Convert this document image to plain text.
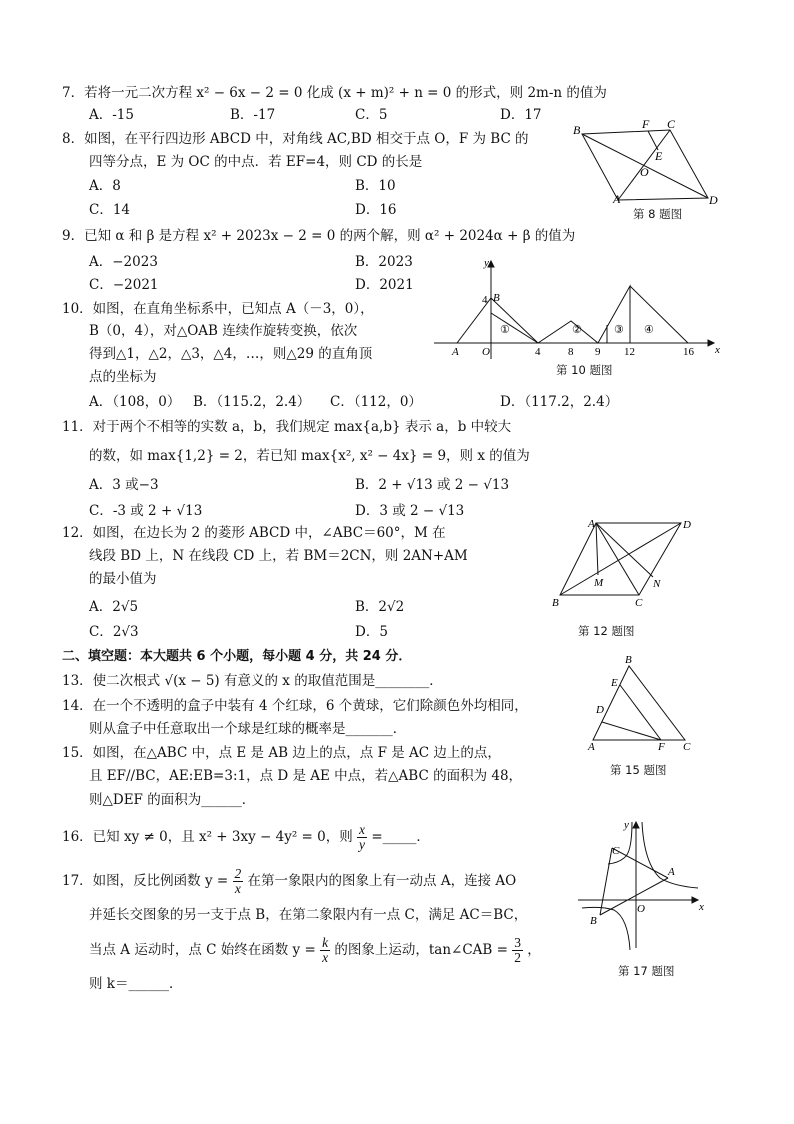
7．若将一元二次方程 x² − 6x − 2 = 0 化成 (x + m)² + n = 0 的形式，则 2m-n 的值为
A．-15	B．-17	C．5	D．17
8．如图，在平行四边形 ABCD 中，对角线 AC,BD 相交于点 O，F 为 BC 的
四等分点，E 为 OC 的中点．若 EF=4，则 CD 的长是
A．8	B．10
C．14	D．16
B	F C
E
O
A	D
第 8 题图
9．已知 α 和 β 是方程 x² + 2023x − 2 = 0 的两个解，则 α² + 2024α + β 的值为
A．−2023	B．2023
C．−2021	D．2021
10．如图，在直角坐标系中，已知点 A（－3，0），
B（0，4），对△OAB 连续作旋转变换，依次
得到△1，△2，△3，△4，…，则△29 的直角顶
点的坐标为
A．（108，0） B．（115.2，2.4） C．（112，0）	D．（117.2，2.4）
y
x
B
4
A O	4	8 9 12	16
①	②	③ ④
第 10 题图
11．对于两个不相等的实数 a，b，我们规定 max{a,b} 表示 a，b 中较大
的数，如 max{1,2} = 2，若已知 max{x², x² − 4x} = 9，则 x 的值为
A．3 或−3	B．2 + √13 或 2 − √13
C．-3 或 2 + √13	D．3 或 2 − √13
12．如图，在边长为 2 的菱形 ABCD 中，∠ABC＝60°，M 在
线段 BD 上，N 在线段 CD 上，若 BM＝2CN，则 2AN+AM
的最小值为
A．2√5	B．2√2
C．2√3	D．5
A	D
M	N
B	C
第 12 题图
二、填空题：本大题共 6 个小题，每小题 4 分，共 24 分．
13．使二次根式 √(x − 5) 有意义的 x 的取值范围是________．
14．在一个不透明的盒子中装有 4 个红球，6 个黄球，它们除颜色外均相同，
则从盒子中任意取出一个球是红球的概率是_______．
15．如图，在△ABC 中，点 E 是 AB 边上的点，点 F 是 AC 边上的点，
且 EF//BC，AE:EB=3:1，点 D 是 AE 中点，若△ABC 的面积为 48，
则△DEF 的面积为______．
B
E
D
A	F C
第 15 题图
16．已知 xy ≠ 0，且 x² + 3xy − 4y² = 0，则 $\frac{x}{y}$ =_____．
17．如图，反比例函数 $y = \frac{2}{x}$ 在第一象限内的图象上有一动点 A，连接 AO
并延长交图象的另一支于点 B，在第二象限内有一点 C，满足 AC＝BC，
当点 A 运动时，点 C 始终在函数 $y = \frac{k}{x}$ 的图象上运动，tan∠CAB = $\frac{3}{2}$ ，
则 k＝______．
y
x
C
A
O
B
第 17 题图
